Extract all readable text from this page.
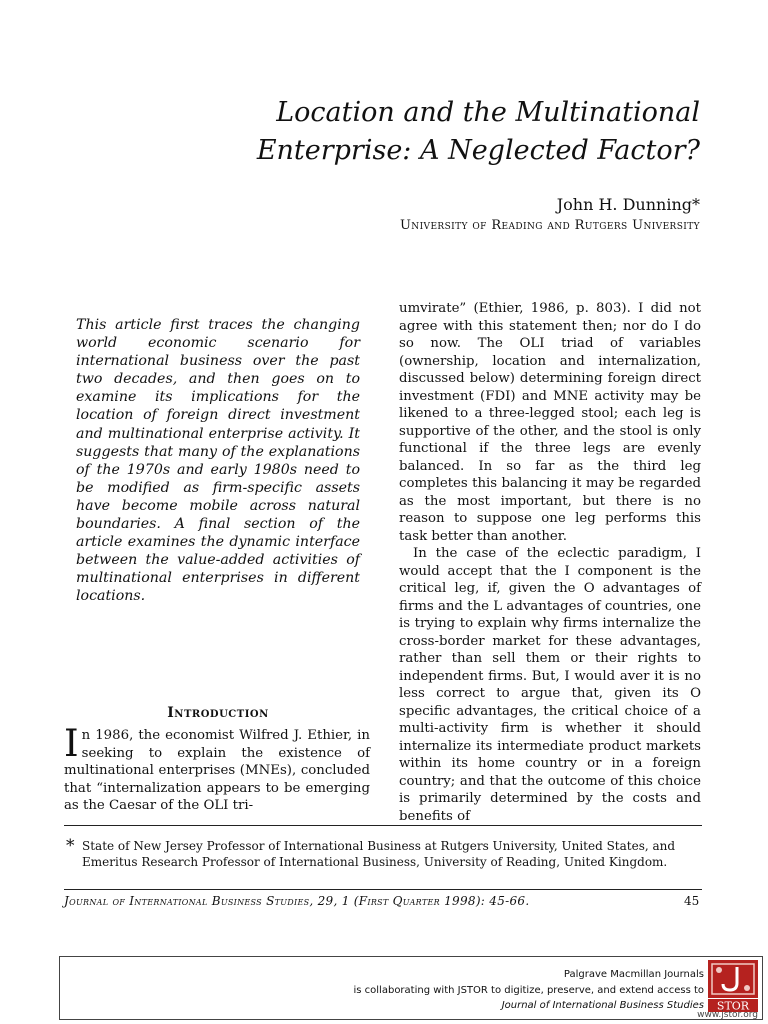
Location and the Multinational
Enterprise: A Neglected Factor?
John H. Dunning*
University of Reading and Rutgers University
This article first traces the changing world economic scenario for international business over the past two decades, and then goes on to examine its implications for the location of foreign direct investment and multinational enterprise activity. It suggests that many of the explanations of the 1970s and early 1980s need to be modified as firm-specific assets have become mobile across natural boundaries. A final section of the article examines the dynamic interface between the value-added activities of multinational enterprises in different locations.
Introduction
In 1986, the economist Wilfred J. Ethier, in seeking to explain the existence of multinational enterprises (MNEs), concluded that “internalization appears to be emerging as the Caesar of the OLI tri-

umvirate” (Ethier, 1986, p. 803). I did not agree with this statement then; nor do I do so now. The OLI triad of variables (ownership, location and internalization, discussed below) determining foreign direct investment (FDI) and MNE activity may be likened to a three-legged stool; each leg is supportive of the other, and the stool is only functional if the three legs are evenly balanced. In so far as the third leg completes this balancing it may be regarded as the most important, but there is no reason to suppose one leg performs this task better than another.

In the case of the eclectic paradigm, I would accept that the I component is the critical leg, if, given the O advantages of firms and the L advantages of countries, one is trying to explain why firms internalize the cross-border market for these advantages, rather than sell them or their rights to independent firms. But, I would aver it is no less correct to argue that, given its O specific advantages, the critical choice of a multi-activity firm is whether it should internalize its intermediate product markets within its home country or in a foreign country; and that the outcome of this choice is primarily determined by the costs and benefits of

* State of New Jersey Professor of International Business at Rutgers University, United States, and Emeritus Research Professor of International Business, University of Reading, United Kingdom.
Journal of International Business Studies, 29, 1 (First Quarter 1998): 45-66.	45
Palgrave Macmillan Journals
is collaborating with JSTOR to digitize, preserve, and extend access to
Journal of International Business Studies STOR
www.jstor.org
